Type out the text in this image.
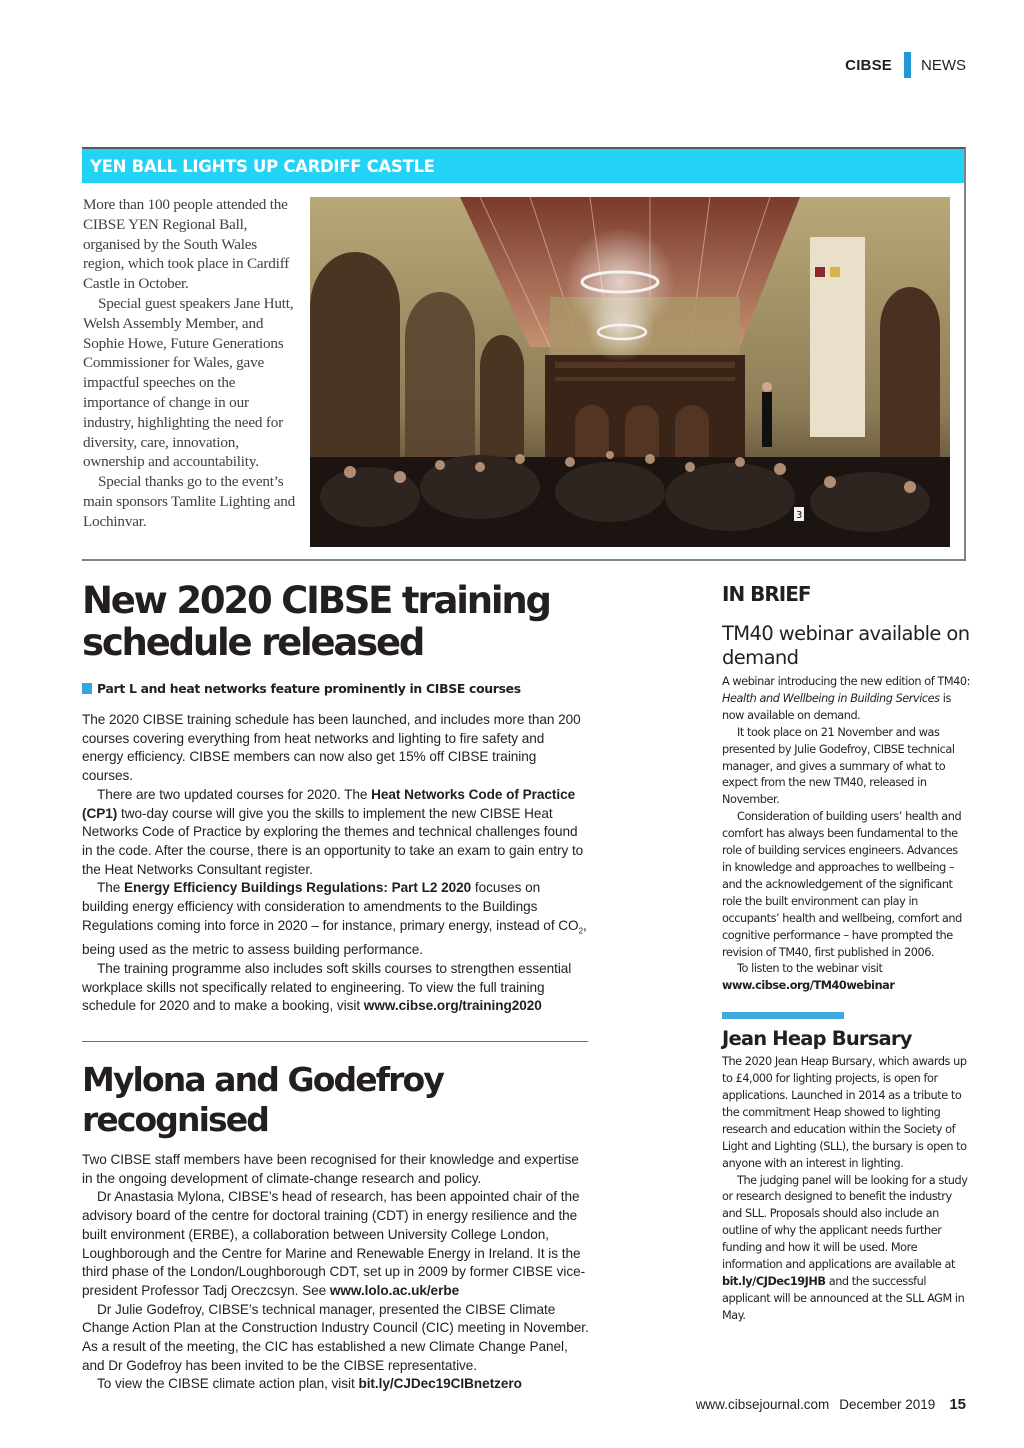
CIBSE NEWS
YEN BALL LIGHTS UP CARDIFF CASTLE

More than 100 people attended the CIBSE YEN Regional Ball, organised by the South Wales region, which took place in Cardiff Castle in October.

Special guest speakers Jane Hutt, Welsh Assembly Member, and Sophie Howe, Future Generations Commissioner for Wales, gave impactful speeches on the importance of change in our industry, highlighting the need for diversity, care, innovation, ownership and accountability.

Special thanks go to the event’s main sponsors Tamlite Lighting and Lochinvar.	3
New 2020 CIBSE training
schedule released
Part L and heat networks feature prominently in CIBSE courses

The 2020 CIBSE training schedule has been launched, and includes more than 200 courses covering everything from heat networks and lighting to fire safety and energy efficiency. CIBSE members can now also get 15% off CIBSE training courses.

There are two updated courses for 2020. The Heat Networks Code of Practice (CP1) two-day course will give you the skills to implement the new CIBSE Heat Networks Code of Practice by exploring the themes and technical challenges found in the code. After the course, there is an opportunity to take an exam to gain entry to the Heat Networks Consultant register.

The Energy Efficiency Buildings Regulations: Part L2 2020 focuses on building energy efficiency with consideration to amendments to the Buildings Regulations coming into force in 2020 – for instance, primary energy, instead of $CO_2$, being used as the metric to assess building performance.

The training programme also includes soft skills courses to strengthen essential workplace skills not specifically related to engineering. To view the full training schedule for 2020 and to make a booking, visit www.cibse.org/training2020

Mylona and Godefroy recognised

Two CIBSE staff members have been recognised for their knowledge and expertise in the ongoing development of climate-change research and policy.

Dr Anastasia Mylona, CIBSE’s head of research, has been appointed chair of the advisory board of the centre for doctoral training (CDT) in energy resilience and the built environment (ERBE), a collaboration between University College London, Loughborough and the Centre for Marine and Renewable Energy in Ireland. It is the third phase of the London/Loughborough CDT, set up in 2009 by former CIBSE vice-president Professor Tadj Oreczcsyn. See www.lolo.ac.uk/erbe

Dr Julie Godefroy, CIBSE’s technical manager, presented the CIBSE Climate Change Action Plan at the Construction Industry Council (CIC) meeting in November. As a result of the meeting, the CIC has established a new Climate Change Panel, and Dr Godefroy has been invited to be the CIBSE representative.

To view the CIBSE climate action plan, visit bit.ly/CJDec19CIBnetzero

IN BRIEF
TM40 webinar available on demand

A webinar introducing the new edition of TM40: Health and Wellbeing in Building Services is now available on demand.

It took place on 21 November and was presented by Julie Godefroy, CIBSE technical manager, and gives a summary of what to expect from the new TM40, released in November.

Consideration of building users’ health and comfort has always been fundamental to the role of building services engineers. Advances in knowledge and approaches to wellbeing – and the acknowledgement of the significant role the built environment can play in occupants’ health and wellbeing, comfort and cognitive performance – have prompted the revision of TM40, first published in 2006.

To listen to the webinar visit

www.cibse.org/TM40webinar
Jean Heap Bursary

The 2020 Jean Heap Bursary, which awards up to £4,000 for lighting projects, is open for applications. Launched in 2014 as a tribute to the commitment Heap showed to lighting research and education within the Society of Light and Lighting (SLL), the bursary is open to anyone with an interest in lighting.

The judging panel will be looking for a study or research designed to benefit the industry and SLL. Proposals should also include an outline of why the applicant needs further funding and how it will be used. More information and applications are available at bit.ly/CJDec19JHB and the successful applicant will be announced at the SLL AGM in May.

www.cibsejournal.com December 2019 15
